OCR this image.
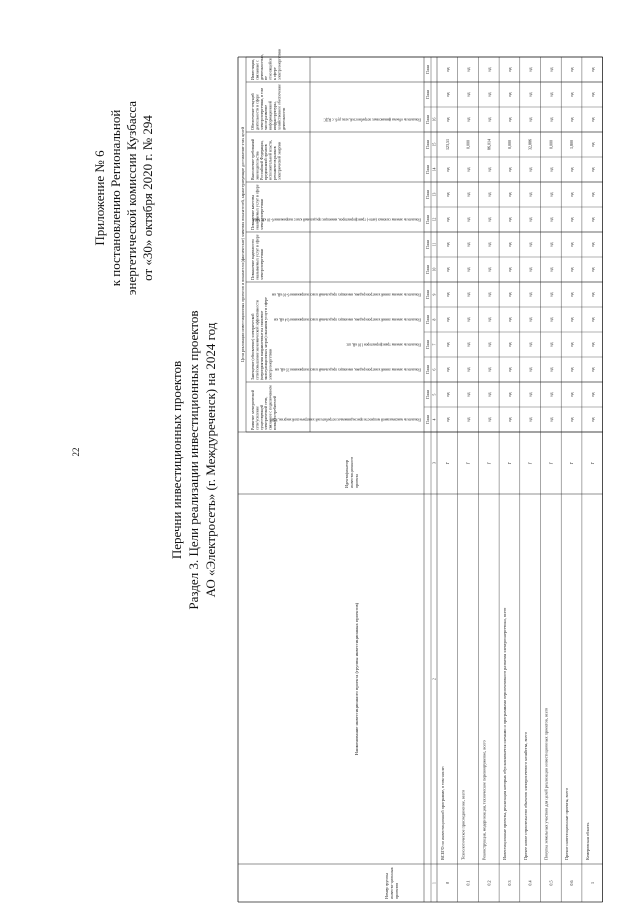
22
Приложение № 6 к постановлению Региональной энергетической комиссии Кузбасса от «30» октября 2020 г. № 294
Перечни инвестиционных проектов Раздел 3. Цели реализации инвестиционных проектов АО «Электросеть» (г. Междуреченск) на 2024 год
Цели реализации инвестиционных проектов и показатели (фактические) значения показателей, характеризующие достижение этих целей
Номер группы инвести-ционных проектов
Наименование инвестиционного проекта (группы инвестиционных проектов)
Идентификатор инвестиционного проекта
Развитие электрической сети/усиление существующей электрической сети, связанное с подключением новых потребителей
Замещение (обновление) электрической сети/повышение экономической эффективности (мероприятия направленные на снижение эксплуатационных затрат) оказания услуг в сфере электроэнергетики
Повышение надежности оказываемых услуг в сфере электроэнергетики
Повышение качества оказываемых услуг в сфере электроэнергетики
Выполнение требований законодательства Российской Федерации, предписаний органов исполнительной власти, регламентов рынков электрической энергии
Обеспечение текущей деятельности в сфере электроэнергетики, в том числе развитие информационной инфраструктуры, хозяйственное обеспечение деятельности
Инвестиции, связанные с деятельностью, не относящейся к сфере электроэнергетики
Показатель максимальной мощности присоединяемых потребителей электрической энергии, МВт
Показатель замены линий электропередачи, имеющих предельный класс напряжения 35 кВ, км
Показатель замены трансформаторов 110 кВ, шт.
Показатель замены линий электропередачи, имеющих предельный класс напряжения 0,4 кВ, км
Показатель замены линий электропередачи, имеющих предельный класс напряжения 6-10 кВ, км
Показатель замены силовых (авто-) трансформаторов, имеющих предельный класс напряжения 6-10 кВ, МВА
Показатель объема финансовых потребностей, млн. руб. с НДС
План 4
План 5
План 6
План 7
План 8
План 9
План 10
План 11
План 12
План 13
План 14
План 15
План 16
План
План
1
2
3
0
ВСЕГО по инвестиционной программе, в том числе:
Г
нд
нд
нд
нд
нд
нд
нд
нд
нд
нд
нд
123,51
нд
нд
нд
0.1
Технологическое присоединение, всего
Г
нд
нд
нд
нд
нд
нд
нд
нд
нд
нд
нд
0,000
нд
нд
нд
0.2
Реконструкция, модернизация, техническое перевооружение, всего
Г
нд
нд
нд
нд
нд
нд
нд
нд
нд
нд
нд
86,014
нд
нд
нд
0.3
Инвестиционные проекты, реализация которых обуславливается схемами и программами перспективного развития электроэнергетики, всего
Г
нд
нд
нд
нд
нд
нд
нд
нд
нд
нд
нд
0,000
нд
нд
нд
0.4
Прочее новое строительство объектов электросетевого хозяйства, всего
Г
нд
нд
нд
нд
нд
нд
нд
нд
нд
нд
нд
32,886
нд
нд
нд
0.5
Покупка земельных участков для целей реализации инвестиционных проектов, всего
Г
нд
нд
нд
нд
нд
нд
нд
нд
нд
нд
нд
0,000
нд
нд
нд
0.6
Прочие инвестиционные проекты, всего
Г
нд
нд
нд
нд
нд
нд
нд
нд
нд
нд
нд
1,800
нд
нд
нд
1
Кемеровская область
Г
нд
нд
нд
нд
нд
нд
нд
нд
нд
нд
нд
нд
нд
нд
нд
